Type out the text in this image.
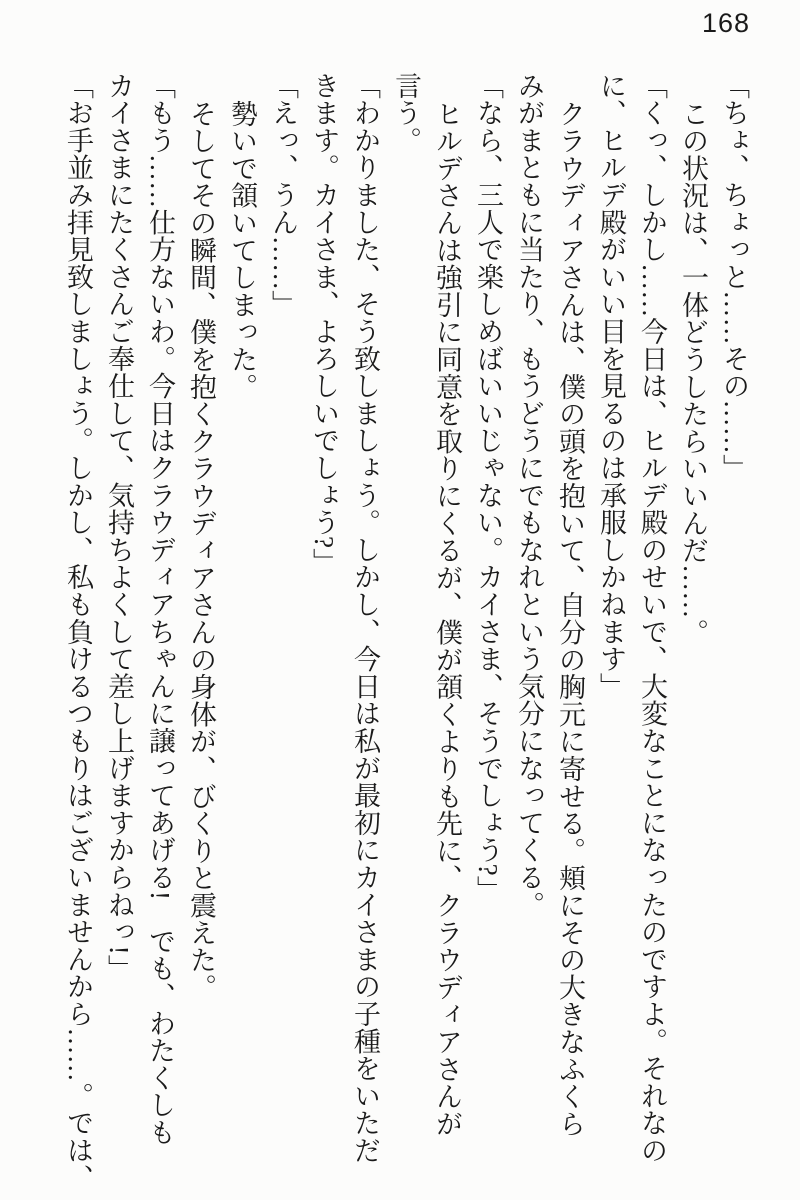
168

「ちょ、ちょっと……その……」

この状況は、一体どうしたらいいんだ……。

「くっ、しかし……今日は、ヒルデ殿のせいで、大変なことになったのですよ。それなのに、ヒルデ殿がいい目を見るのは承服しかねます」

クラウディアさんは、僕の頭を抱いて、自分の胸元に寄せる。頬にその大きなふくらみがまともに当たり、もうどうにでもなれという気分になってくる。

「なら、三人で楽しめばいいじゃない。カイさま、そうでしょう?」

ヒルデさんは強引に同意を取りにくるが、僕が頷くよりも先に、クラウディアさんが言う。

「わかりました、そう致しましょう。しかし、今日は私が最初にカイさまの子種をいただきます。カイさま、よろしいでしょう?」

「えっ、うん……」

勢いで頷いてしまった。

そしてその瞬間、僕を抱くクラウディアさんの身体が、びくりと震えた。

「もう……仕方ないわ。今日はクラウディアちゃんに譲ってあげる!　でも、わたくしもカイさまにたくさんご奉仕して、気持ちよくして差し上げますからねっ!」

「お手並み拝見致しましょう。しかし、私も負けるつもりはございませんから……。では、
